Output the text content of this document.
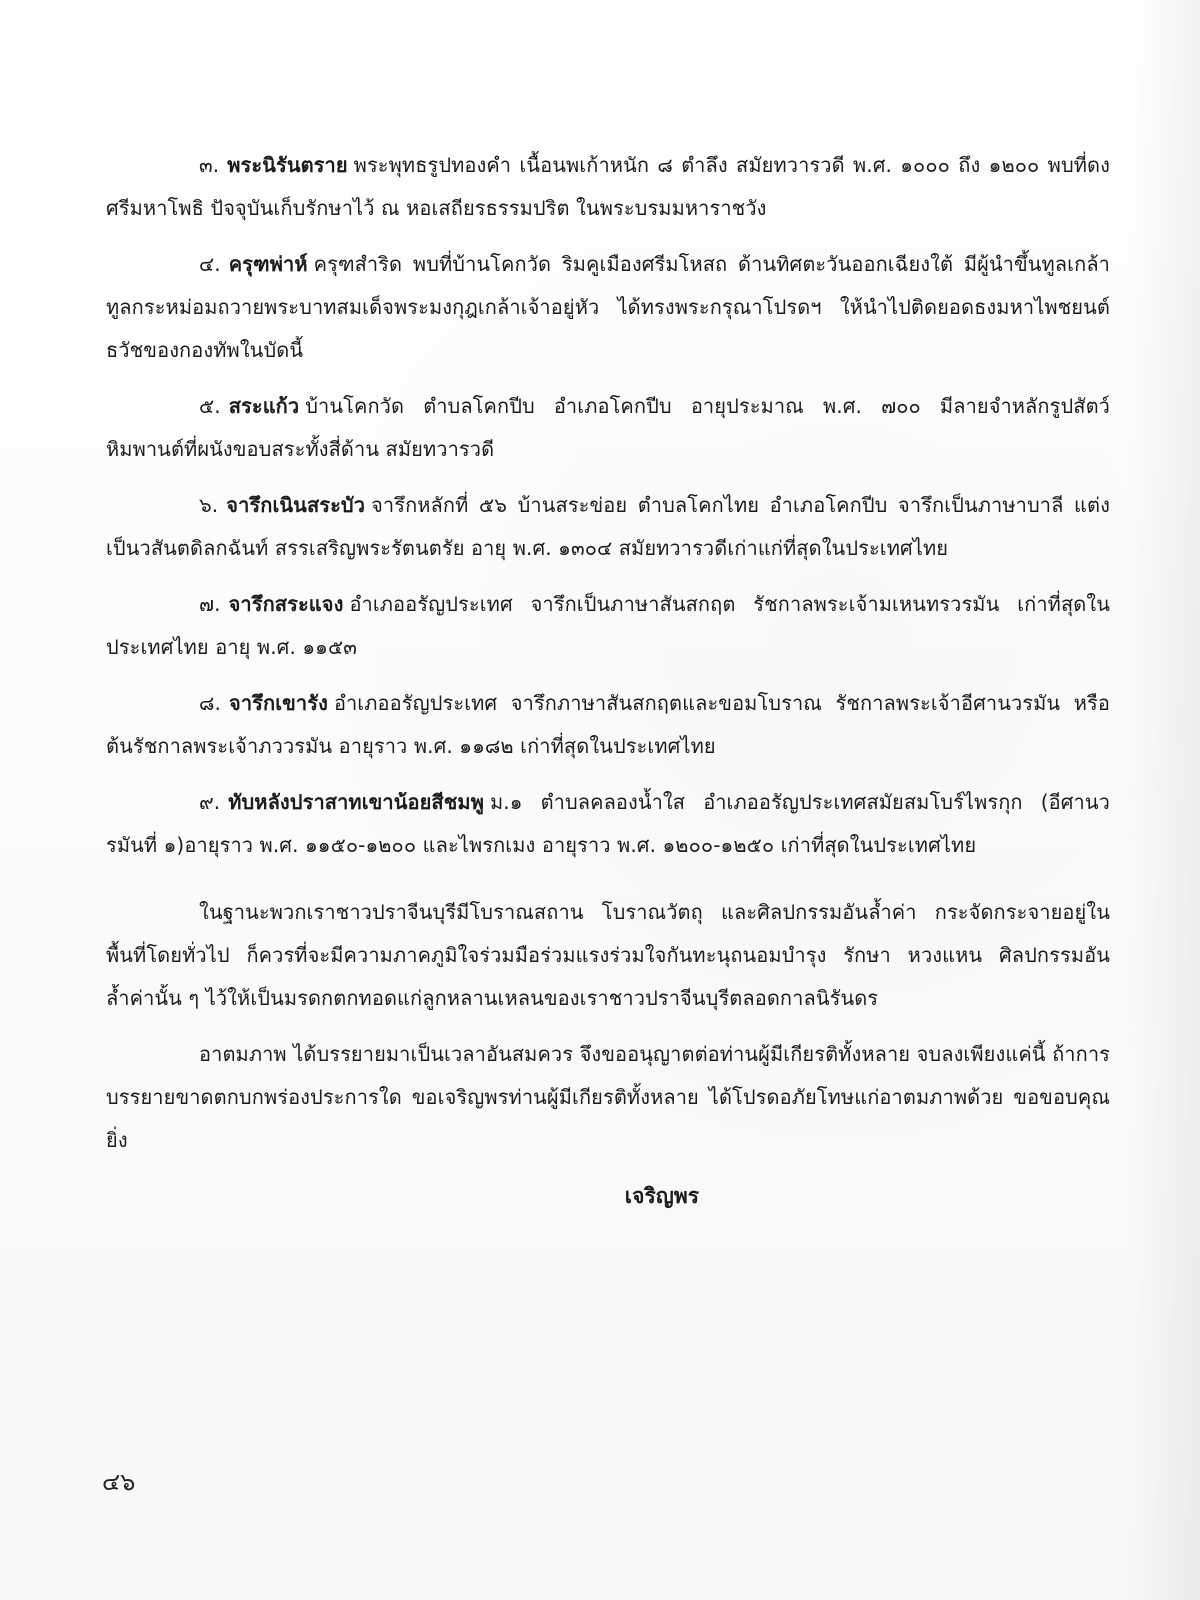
๓. พระนิรันตราย พระพุทธรูปทองคำ เนื้อนพเก้าหนัก ๘ ตำลึง สมัยทวารวดี พ.ศ. ๑๐๐๐ ถึง ๑๒๐๐ พบที่ดงศรีมหาโพธิ ปัจจุบันเก็บรักษาไว้ ณ หอเสถียรธรรมปริต ในพระบรมมหาราชวัง

๔. ครุฑพ่าห์ ครุฑสำริด พบที่บ้านโคกวัด ริมคูเมืองศรีมโหสถ ด้านทิศตะวันออกเฉียงใต้ มีผู้นำขึ้นทูลเกล้าทูลกระหม่อมถวายพระบาทสมเด็จพระมงกุฎเกล้าเจ้าอยู่หัว ได้ทรงพระกรุณาโปรดฯ ให้นำไปติดยอดธงมหาไพชยนต์ธวัชของกองทัพในบัดนี้

๕. สระแก้ว บ้านโคกวัด ตำบลโคกปีบ อำเภอโคกปีบ อายุประมาณ พ.ศ. ๗๐๐ มีลายจำหลักรูปสัตว์หิมพานต์ที่ผนังขอบสระทั้งสี่ด้าน สมัยทวารวดี

๖. จารึกเนินสระบัว จารึกหลักที่ ๕๖ บ้านสระข่อย ตำบลโคกไทย อำเภอโคกปีบ จารึกเป็นภาษาบาลี แต่งเป็นวสันตดิลกฉันท์ สรรเสริญพระรัตนตรัย อายุ พ.ศ. ๑๓๐๔ สมัยทวารวดีเก่าแก่ที่สุดในประเทศไทย

๗. จารึกสระแจง อำเภออรัญประเทศ จารึกเป็นภาษาสันสกฤต รัชกาลพระเจ้ามเหนทรวรมัน เก่าที่สุดในประเทศไทย อายุ พ.ศ. ๑๑๕๓

๘. จารึกเขารัง อำเภออรัญประเทศ จารึกภาษาสันสกฤตและขอมโบราณ รัชกาลพระเจ้าอีศานวรมัน หรือต้นรัชกาลพระเจ้าภววรมัน อายุราว พ.ศ. ๑๑๘๒ เก่าที่สุดในประเทศไทย

๙. ทับหลังปราสาทเขาน้อยสีชมพู ม.๑ ตำบลคลองน้ำใส อำเภออรัญประเทศสมัยสมโบร์ไพรกุก (อีศานวรมันที่ ๑)อายุราว พ.ศ. ๑๑๕๐-๑๒๐๐ และไพรกเมง อายุราว พ.ศ. ๑๒๐๐-๑๒๕๐ เก่าที่สุดในประเทศไทย

ในฐานะพวกเราชาวปราจีนบุรีมีโบราณสถาน โบราณวัตถุ และศิลปกรรมอันล้ำค่า กระจัดกระจายอยู่ในพื้นที่โดยทั่วไป ก็ควรที่จะมีความภาคภูมิใจร่วมมือร่วมแรงร่วมใจกันทะนุถนอมบำรุง รักษา หวงแหน ศิลปกรรมอันล้ำค่านั้น ๆ ไว้ให้เป็นมรดกตกทอดแก่ลูกหลานเหลนของเราชาวปราจีนบุรีตลอดกาลนิรันดร

อาตมภาพ ได้บรรยายมาเป็นเวลาอันสมควร จึงขออนุญาตต่อท่านผู้มีเกียรติทั้งหลาย จบลงเพียงแค่นี้ ถ้าการบรรยายขาดตกบกพร่องประการใด ขอเจริญพรท่านผู้มีเกียรติทั้งหลาย ได้โปรดอภัยโทษแก่อาตมภาพด้วย ขอขอบคุณยิ่ง

เจริญพร
๔๖
